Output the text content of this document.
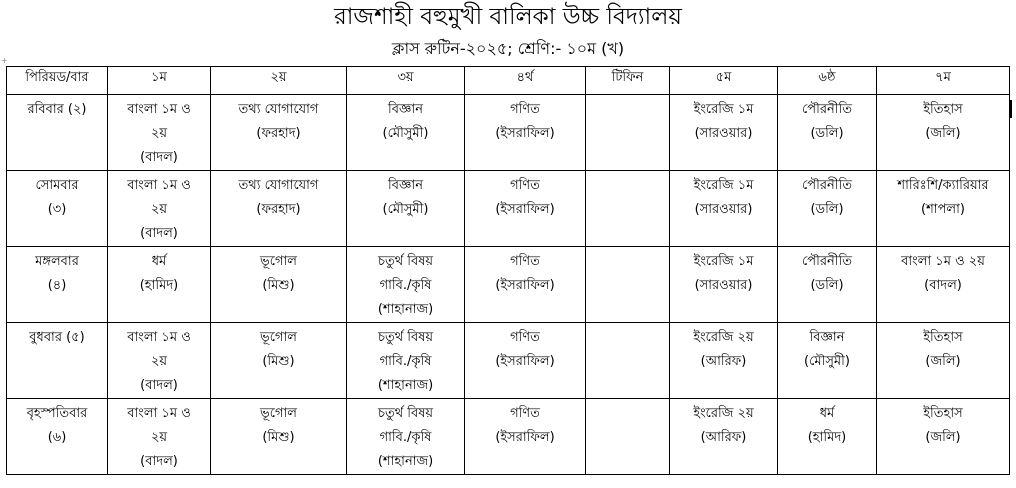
রাজশাহী বহুমুখী বালিকা উচ্চ বিদ্যালয়
ক্লাস রুটিন-২০২৫; শ্রেণি:- ১০ম (খ)
+
পিরিয়ড/বার	১ম	২য়	৩য়	৪র্থ	টিফিন	৫ম	৬ষ্ঠ	৭ম

রবিবার (২)	বাংলা ১ম ও
২য়
(বাদল)	তথ্য যোগাযোগ
(ফরহাদ)	বিজ্ঞান
(মৌসুমী)	গণিত
(ইসরাফিল)		ইংরেজি ১ম
(সারওয়ার)	পৌরনীতি
(ডলি)	ইতিহাস
(জলি)

সোমবার
(৩)	বাংলা ১ম ও
২য়
(বাদল)	তথ্য যোগাযোগ
(ফরহাদ)	বিজ্ঞান
(মৌসুমী)	গণিত
(ইসরাফিল)		ইংরেজি ১ম
(সারওয়ার)	পৌরনীতি
(ডলি)	শারিঃশি/ক্যারিয়ার
(শাপলা)

মঙ্গলবার
(৪)	ধর্ম
(হামিদ)	ভূগোল
(মিশু)	চতুর্থ বিষয়
গাবি./কৃষি
(শাহানাজ)	গণিত
(ইসরাফিল)		ইংরেজি ১ম
(সারওয়ার)	পৌরনীতি
(ডলি)	বাংলা ১ম ও ২য়
(বাদল)

বুধবার (৫)	বাংলা ১ম ও
২য়
(বাদল)	ভূগোল
(মিশু)	চতুর্থ বিষয়
গাবি./কৃষি
(শাহানাজ)	গণিত
(ইসরাফিল)		ইংরেজি ২য়
(আরিফ)	বিজ্ঞান
(মৌসুমী)	ইতিহাস
(জলি)

বৃহস্পতিবার
(৬)	বাংলা ১ম ও
২য়
(বাদল)	ভূগোল
(মিশু)	চতুর্থ বিষয়
গাবি./কৃষি
(শাহানাজ)	গণিত
(ইসরাফিল)		ইংরেজি ২য়
(আরিফ)	ধর্ম
(হামিদ)	ইতিহাস
(জলি)
